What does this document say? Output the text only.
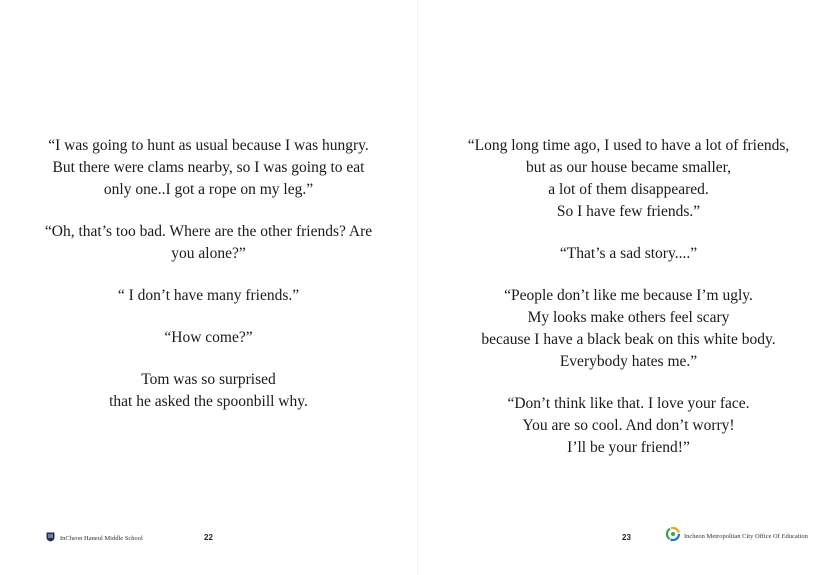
“I was going to hunt as usual because I was hungry.
But there were clams nearby, so I was going to eat
only one..I got a rope on my leg.”

“Oh, that’s too bad. Where are the other friends? Are
you alone?”

“ I don’t have many friends.”

“How come?”

Tom was so surprised
that he asked the spoonbill why.

InCheon Haneul Middle School	22

“Long long time ago, I used to have a lot of friends,
but as our house became smaller,
a lot of them disappeared.
So I have few friends.”

“That’s a sad story....”

“People don’t like me because I’m ugly.
My looks make others feel scary
because I have a black beak on this white body.
Everybody hates me.”

“Don’t think like that. I love your face.
You are so cool. And don’t worry!
I’ll be your friend!”

23	Incheon Metropolitan City Office Of Education
